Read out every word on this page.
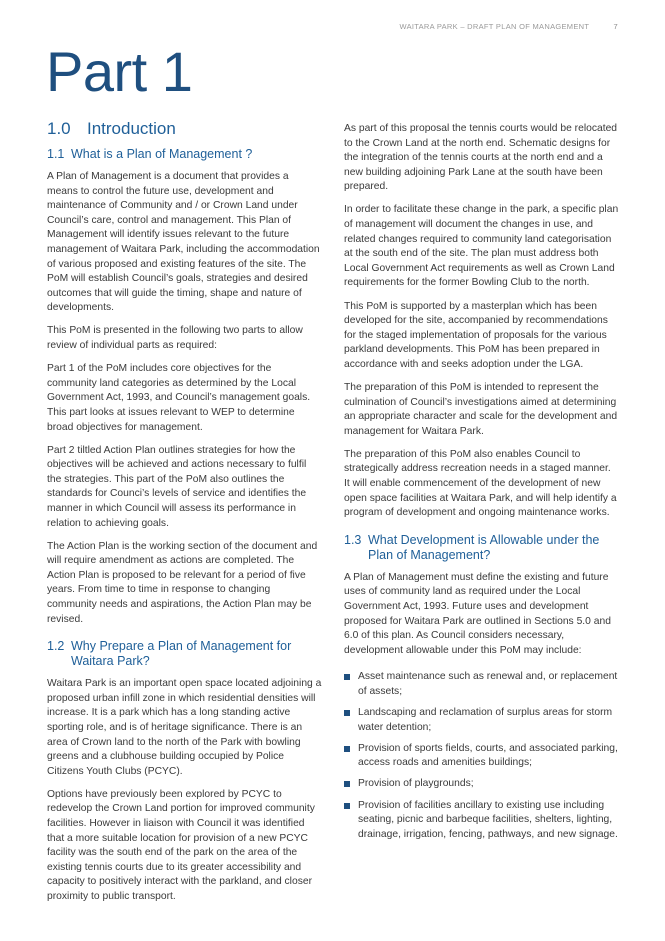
WAITARA PARK – DRAFT PLAN OF MANAGEMENT	7
Part 1
1.0 Introduction
1.1 What is a Plan of Management ?

A Plan of Management is a document that provides a means to control the future use, development and maintenance of Community and / or Crown Land under Council’s care, control and management. This Plan of Management will identify issues relevant to the future management of Waitara Park, including the accommodation of various proposed and existing features of the site. The PoM will establish Council’s goals, strategies and desired outcomes that will guide the timing, shape and nature of developments.

This PoM is presented in the following two parts to allow review of individual parts as required:

Part 1 of the PoM includes core objectives for the community land categories as determined by the Local Government Act, 1993, and Council’s management goals. This part looks at issues relevant to WEP to determine broad objectives for management.

Part 2 tiltled Action Plan outlines strategies for how the objectives will be achieved and actions necessary to fulfil the strategies. This part of the PoM also outlines the standards for Counci’s levels of service and identifies the manner in which Council will assess its performance in relation to achieving goals.

The Action Plan is the working section of the document and will require amendment as actions are completed. The Action Plan is proposed to be relevant for a period of five years. From time to time in response to changing community needs and aspirations, the Action Plan may be revised.

1.2 Why Prepare a Plan of Management for Waitara Park?

Waitara Park is an important open space located adjoining a proposed urban infill zone in which residential densities will increase. It is a park which has a long standing active sporting role, and is of heritage significance. There is an area of Crown land to the north of the Park with bowling greens and a clubhouse building occupied by Police Citizens Youth Clubs (PCYC).

Options have previously been explored by PCYC to redevelop the Crown Land portion for improved community facilities. However in liaison with Council it was identified that a more suitable location for provision of a new PCYC facility was the south end of the park on the area of the existing tennis courts due to its greater accessibility and capacity to positively interact with the parkland, and closer proximity to public transport.

As part of this proposal the tennis courts would be relocated to the Crown Land at the north end. Schematic designs for the integration of the tennis courts at the north end and a new building adjoining Park Lane at the south have been prepared.

In order to facilitate these change in the park, a specific plan of management will document the changes in use, and related changes required to community land categorisation at the south end of the site. The plan must address both Local Government Act requirements as well as Crown Land requirements for the former Bowling Club to the north.

This PoM is supported by a masterplan which has been developed for the site, accompanied by recommendations for the staged implementation of proposals for the various parkland developments. This PoM has been prepared in accordance with and seeks adoption under the LGA.

The preparation of this PoM is intended to represent the culmination of Council’s investigations aimed at determining an appropriate character and scale for the development and management for Waitara Park.

The preparation of this PoM also enables Council to strategically address recreation needs in a staged manner. It will enable commencement of the development of new open space facilities at Waitara Park, and will help identify a program of development and ongoing maintenance works.

1.3 What Development is Allowable under the Plan of Management?

A Plan of Management must define the existing and future uses of community land as required under the Local Government Act, 1993. Future uses and development proposed for Waitara Park are outlined in Sections 5.0 and 6.0 of this plan. As Council considers necessary, development allowable under this PoM may include:

Asset maintenance such as renewal and, or replacement of assets;
Landscaping and reclamation of surplus areas for storm water detention;
Provision of sports fields, courts, and associated parking, access roads and amenities buildings;
Provision of playgrounds;
Provision of facilities ancillary to existing use including seating, picnic and barbeque facilities, shelters, lighting, drainage, irrigation, fencing, pathways, and new signage.
